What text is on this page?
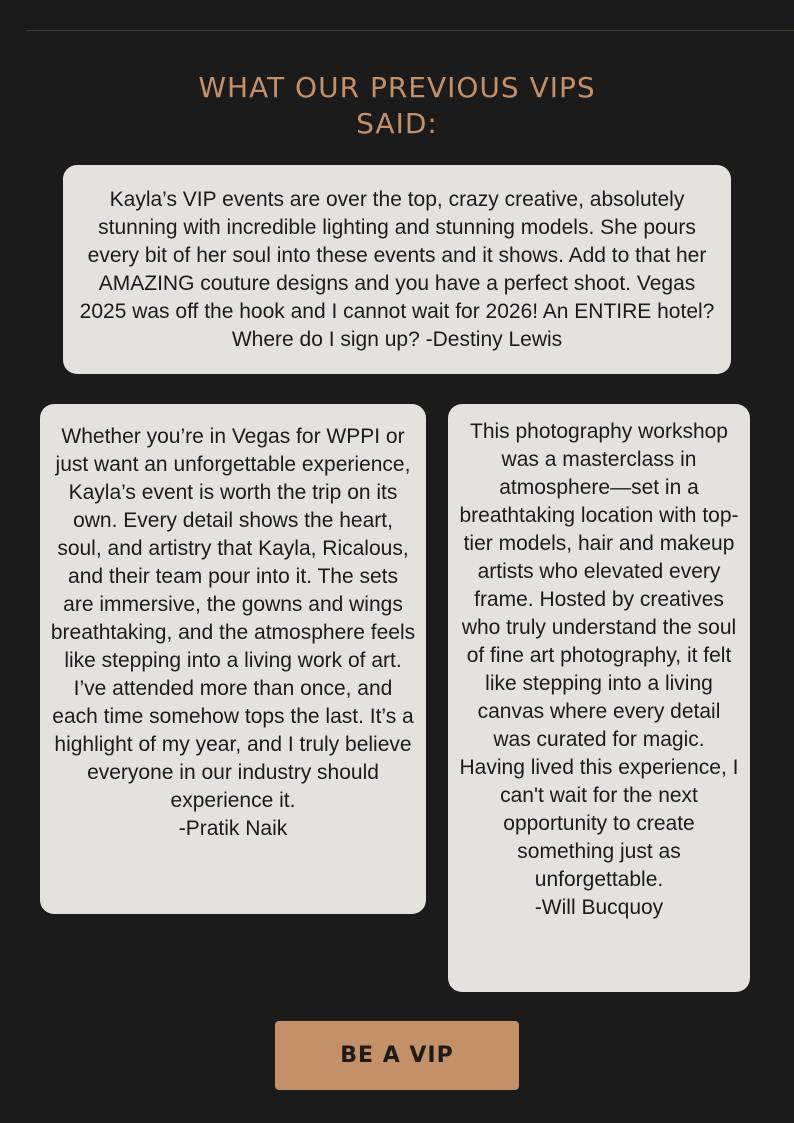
WHAT OUR PREVIOUS VIPS
SAID:

Kayla’s VIP events are over the top, crazy creative, absolutely stunning with incredible lighting and stunning models. She pours every bit of her soul into these events and it shows. Add to that her AMAZING couture designs and you have a perfect shoot. Vegas 2025 was off the hook and I cannot wait for 2026! An ENTIRE hotel? Where do I sign up? -Destiny Lewis

Whether you’re in Vegas for WPPI or just want an unforgettable experience, Kayla’s event is worth the trip on its own. Every detail shows the heart, soul, and artistry that Kayla, Ricalous, and their team pour into it. The sets are immersive, the gowns and wings breathtaking, and the atmosphere feels like stepping into a living work of art. I’ve attended more than once, and each time somehow tops the last. It’s a highlight of my year, and I truly believe everyone in our industry should experience it.

-Pratik Naik

This photography workshop was a masterclass in atmosphere—set in a breathtaking location with top-tier models, hair and makeup artists who elevated every frame. Hosted by creatives who truly understand the soul of fine art photography, it felt like stepping into a living canvas where every detail was curated for magic. Having lived this experience, I can't wait for the next opportunity to create something just as unforgettable.

-Will Bucquoy

BE A VIP
